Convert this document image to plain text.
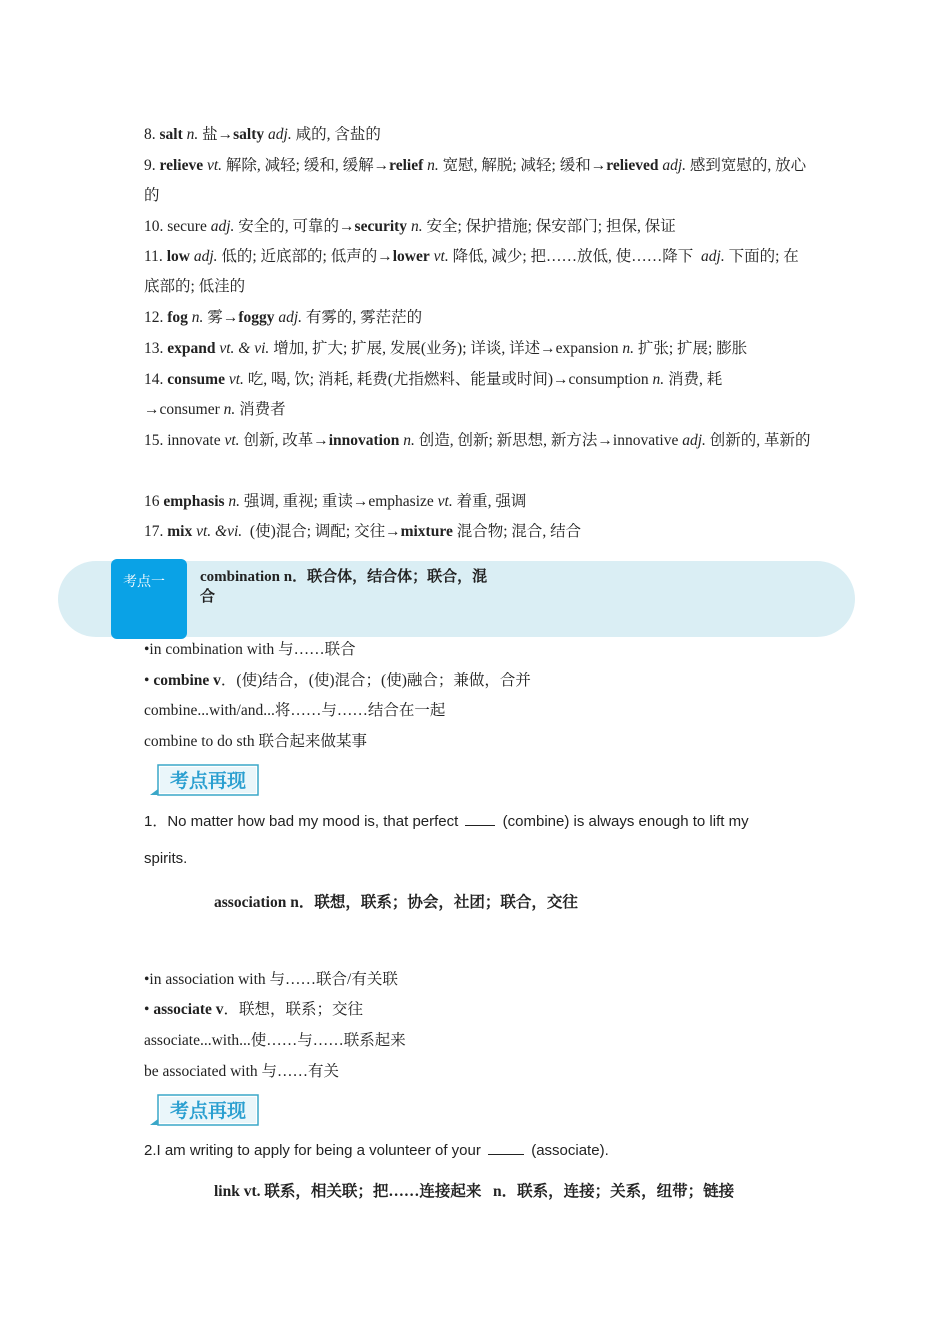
8. salt n. 盐→salty adj. 咸的, 含盐的
9. relieve vt. 解除, 减轻; 缓和, 缓解→relief n. 宽慰, 解脱; 减轻; 缓和→relieved adj. 感到宽慰的, 放心的
10. secure adj. 安全的, 可靠的→security n. 安全; 保护措施; 保安部门; 担保, 保证
11. low adj. 低的; 近底部的; 低声的→lower vt. 降低, 减少; 把……放低, 使……降下 adj. 下面的; 在底部的; 低洼的
12. fog n. 雾→foggy adj. 有雾的, 雾茫茫的
13. expand vt. & vi. 增加, 扩大; 扩展, 发展(业务); 详谈, 详述→expansion n. 扩张; 扩展; 膨胀
14. consume vt. 吃, 喝, 饮; 消耗, 耗费(尤指燃料、能量或时间)→consumption n. 消费, 耗
→consumer n. 消费者
15. innovate vt. 创新, 改革→innovation n. 创造, 创新; 新思想, 新方法→innovative adj. 创新的, 革新的
16 emphasis n. 强调, 重视; 重读→emphasize vt. 着重, 强调
17. mix vt. &vi. (使)混合; 调配; 交往→mixture 混合物; 混合, 结合
考点一 combination n．联合体，结合体；联合，混合
•in combination with 与……联合
• combine v．(使)结合，(使)混合；(使)融合；兼做，合并
combine...with/and...将……与……结合在一起
combine to do sth 联合起来做某事
考点再现
1．No matter how bad my mood is, that perfect	(combine) is always enough to lift my
spirits.
association n．联想，联系；协会，社团；联合，交往
•in association with 与……联合/有关联
• associate v．联想，联系；交往
associate...with...使……与……联系起来
be associated with 与……有关
考点再现
2.I am writing to apply for being a volunteer of your	(associate).
link vt. 联系，相关联；把……连接起来 n．联系，连接；关系，纽带；链接
